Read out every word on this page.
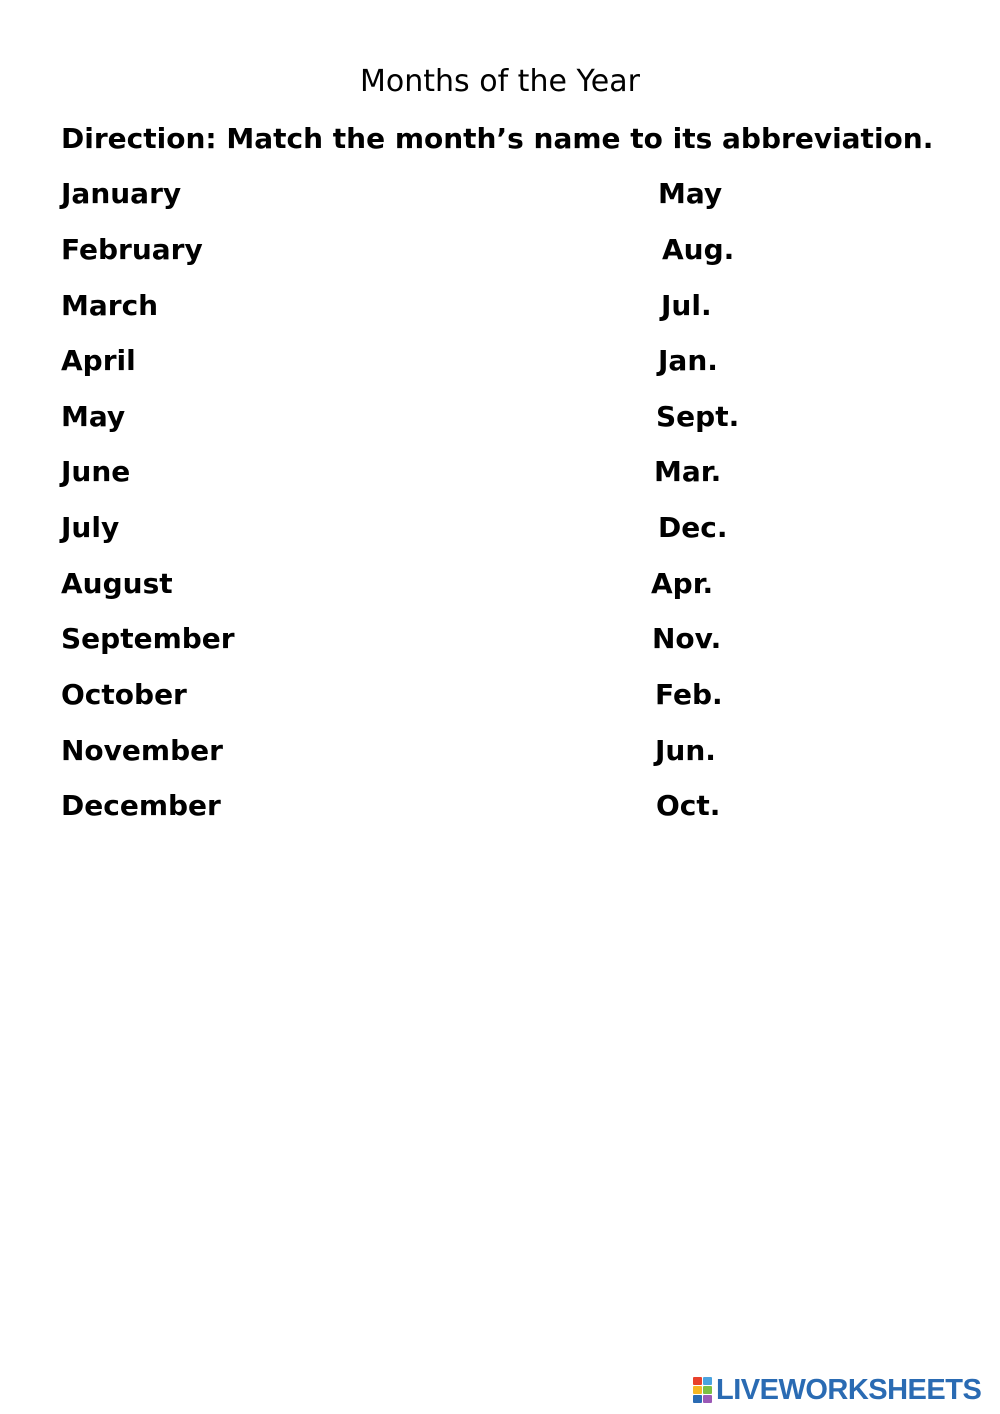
Months of the Year
Direction: Match the month’s name to its abbreviation.
January	May
February	Aug.
March	Jul.
April	Jan.
May	Sept.
June	Mar.
July	Dec.
August	Apr.
September	Nov.
October	Feb.
November	Jun.
December	Oct.
LIVEWORKSHEETS
